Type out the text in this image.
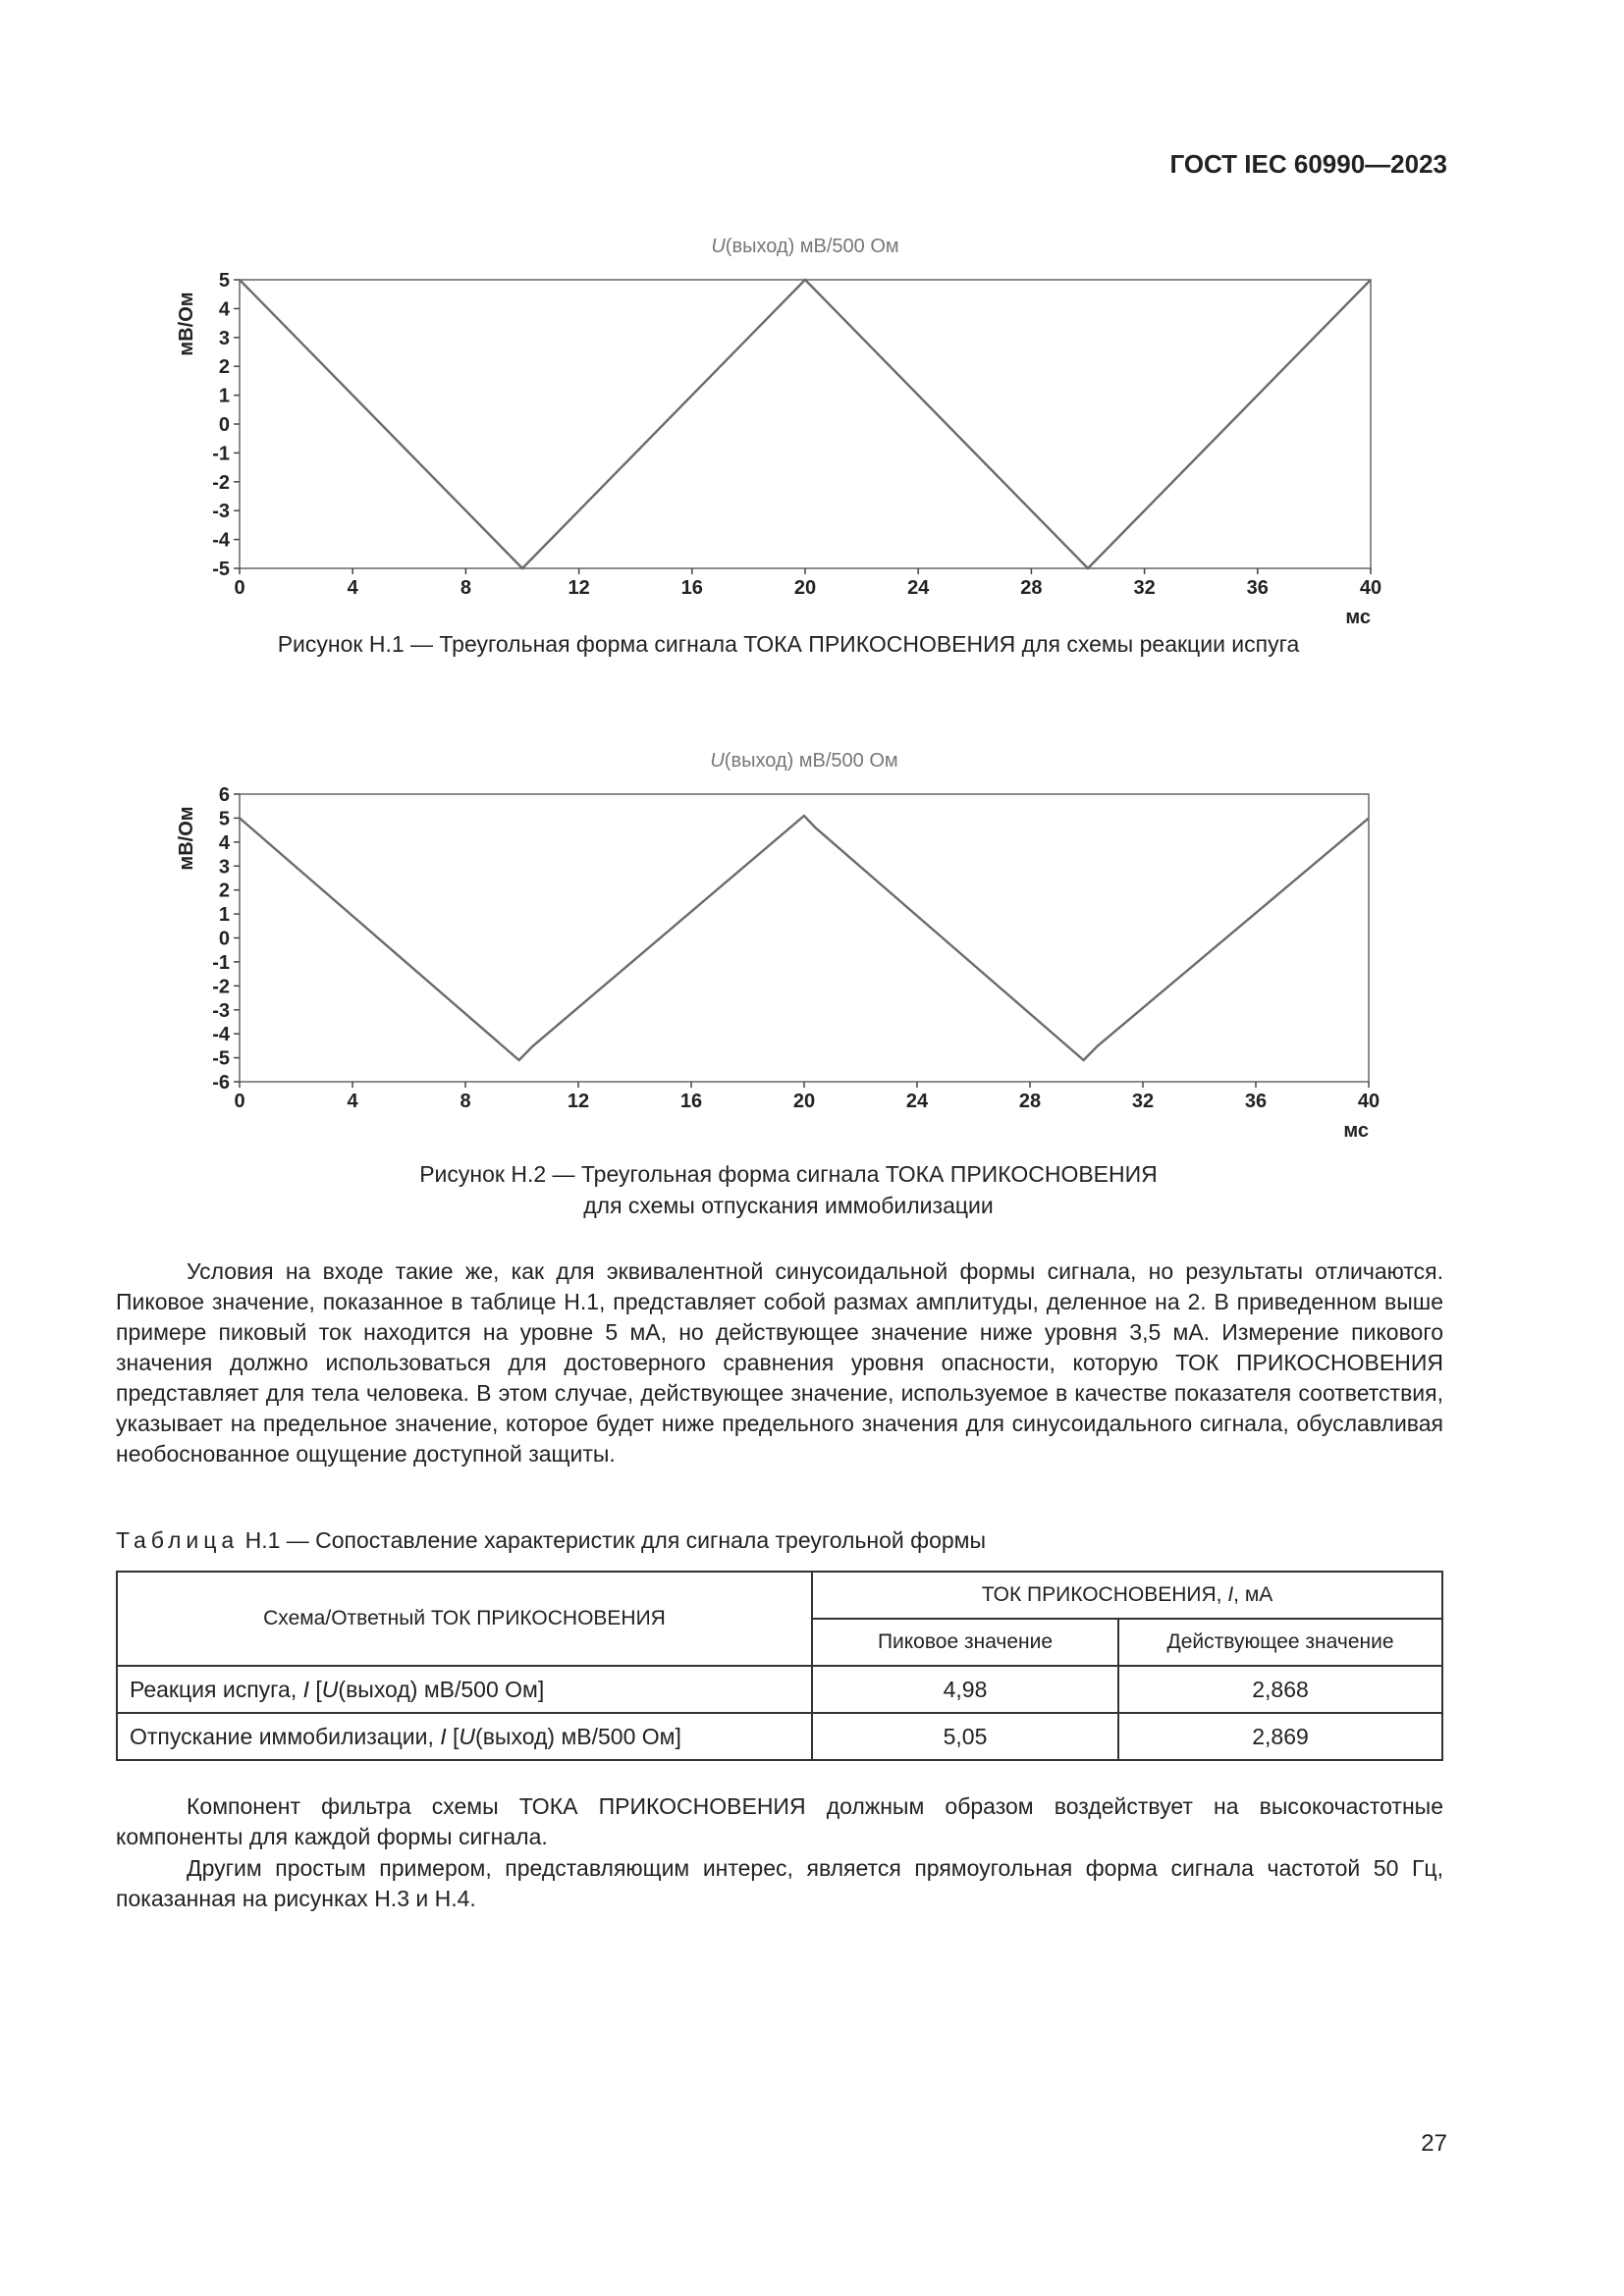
ГОСТ IEC 60990—2023
U(выход) мВ/500 Ом
5
4
3
2
1
0
-1
-2
-3
-4
-5
0	4	8	12	16	20	24	28	32	36	40
мВ/Ом
мс
Рисунок H.1 — Треугольная форма сигнала ТОКА ПРИКОСНОВЕНИЯ для схемы реакции испуга
U(выход) мВ/500 Ом
6
5
4
3
2
1
0
-1
-2
-3
-4
-5
-6
0	4	8	12	16	20	24	28	32	36	40
мВ/Ом
мс
Рисунок H.2 — Треугольная форма сигнала ТОКА ПРИКОСНОВЕНИЯ
для схемы отпускания иммобилизации

Условия на входе такие же, как для эквивалентной синусоидальной формы сигнала, но результаты отличаются. Пиковое значение, показанное в таблице H.1, представляет собой размах амплитуды, деленное на 2. В приведенном выше примере пиковый ток находится на уровне 5 мА, но действующее значение ниже уровня 3,5 мА. Измерение пикового значения должно использоваться для достоверного сравнения уровня опасности, которую ТОК ПРИКОСНОВЕНИЯ представляет для тела человека. В этом случае, действующее значение, используемое в качестве показателя соответствия, указывает на предельное значение, которое будет ниже предельного значения для синусоидального сигнала, обуславливая необоснованное ощущение доступной защиты.

Таблица H.1 — Сопоставление характеристик для сигнала треугольной формы
Схема/Ответный ТОК ПРИКОСНОВЕНИЯ	ТОК ПРИКОСНОВЕНИЯ, I, мА	
	Пиковое значение	Действующее значение
Реакция испуга, I [U(выход) мВ/500 Ом]	4,98	2,868
Отпускание иммобилизации, I [U(выход) мВ/500 Ом]	5,05	2,869

Компонент фильтра схемы ТОКА ПРИКОСНОВЕНИЯ должным образом воздействует на высокочастотные компоненты для каждой формы сигнала.

Другим простым примером, представляющим интерес, является прямоугольная форма сигнала частотой 50 Гц, показанная на рисунках H.3 и H.4.

27
